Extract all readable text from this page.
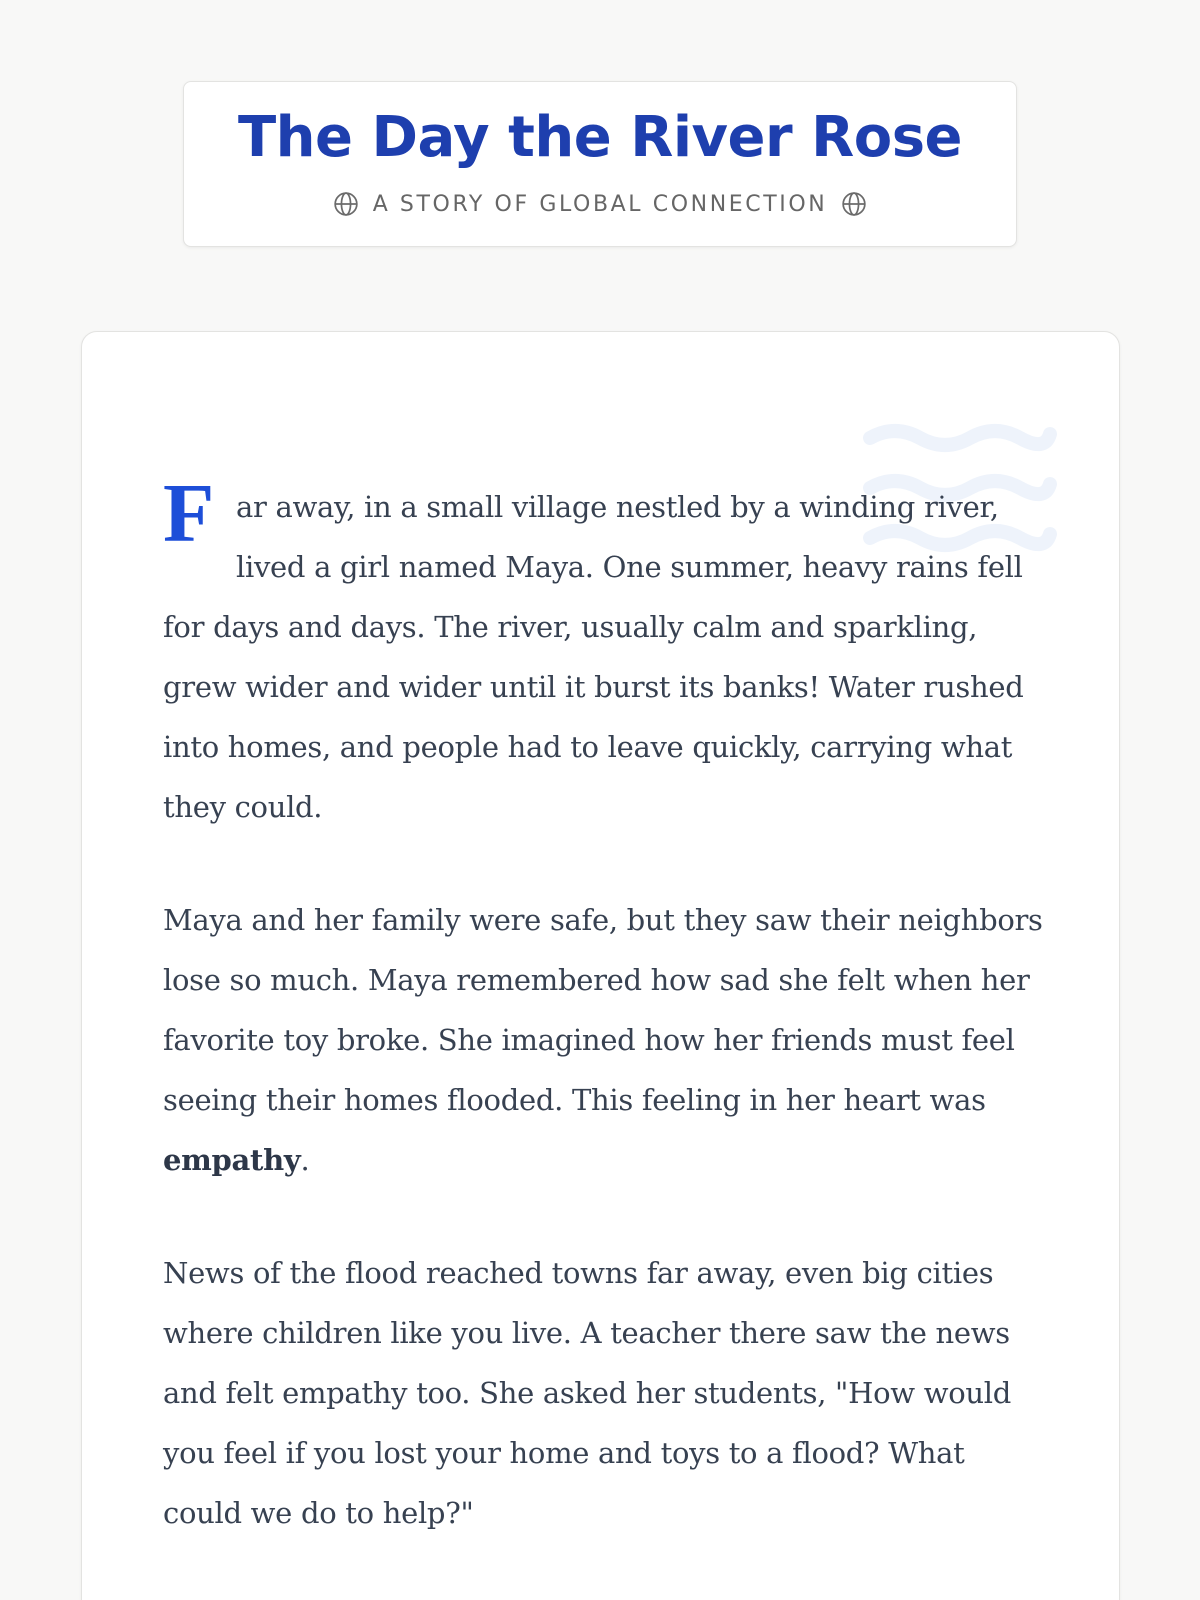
The Day the River Rose
A STORY OF GLOBAL CONNECTION

Far away, in a small village nestled by a winding river, lived a girl named Maya. One summer, heavy rains fell for days and days. The river, usually calm and sparkling, grew wider and wider until it burst its banks! Water rushed into homes, and people had to leave quickly, carrying what they could.

Maya and her family were safe, but they saw their neighbors lose so much. Maya remembered how sad she felt when her favorite toy broke. She imagined how her friends must feel seeing their homes flooded. This feeling in her heart was empathy.

News of the flood reached towns far away, even big cities where children like you live. A teacher there saw the news and felt empathy too. She asked her students, "How would you feel if you lost your home and toys to a flood? What could we do to help?"
